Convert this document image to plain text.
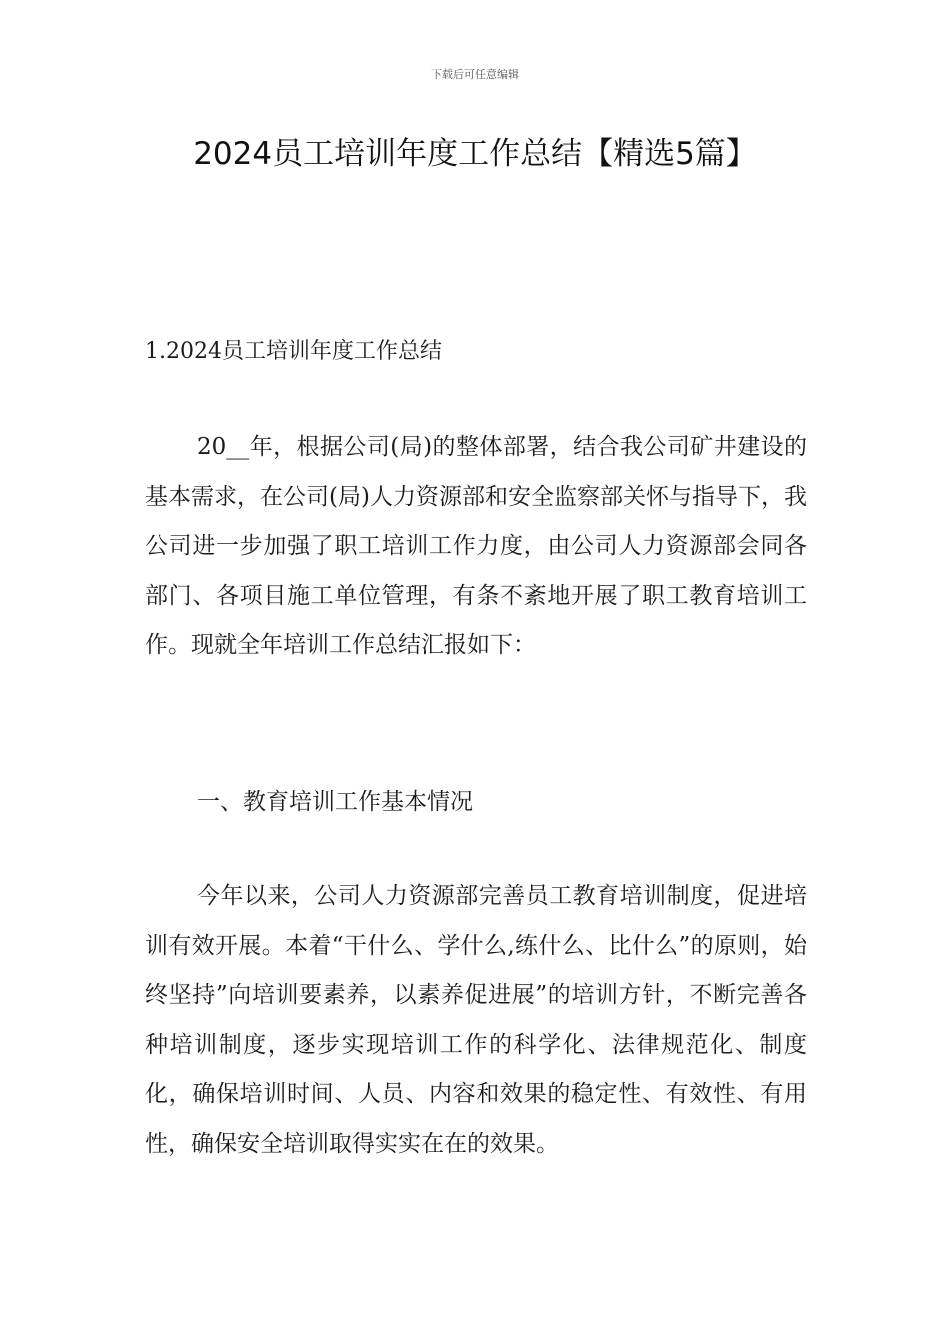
下载后可任意编辑
2024员工培训年度工作总结【精选5篇】
1.2024员工培训年度工作总结

20__年，根据公司(局)的整体部署，结合我公司矿井建设的基本需求，在公司(局)人力资源部和安全监察部关怀与指导下，我公司进一步加强了职工培训工作力度，由公司人力资源部会同各部门、各项目施工单位管理，有条不紊地开展了职工教育培训工作。现就全年培训工作总结汇报如下：

一、教育培训工作基本情况

今年以来，公司人力资源部完善员工教育培训制度，促进培训有效开展。本着“干什么、学什么,练什么、比什么”的原则，始终坚持”向培训要素养，以素养促进展”的培训方针，不断完善各种培训制度，逐步实现培训工作的科学化、法律规范化、制度化，确保培训时间、人员、内容和效果的稳定性、有效性、有用性，确保安全培训取得实实在在的效果。
